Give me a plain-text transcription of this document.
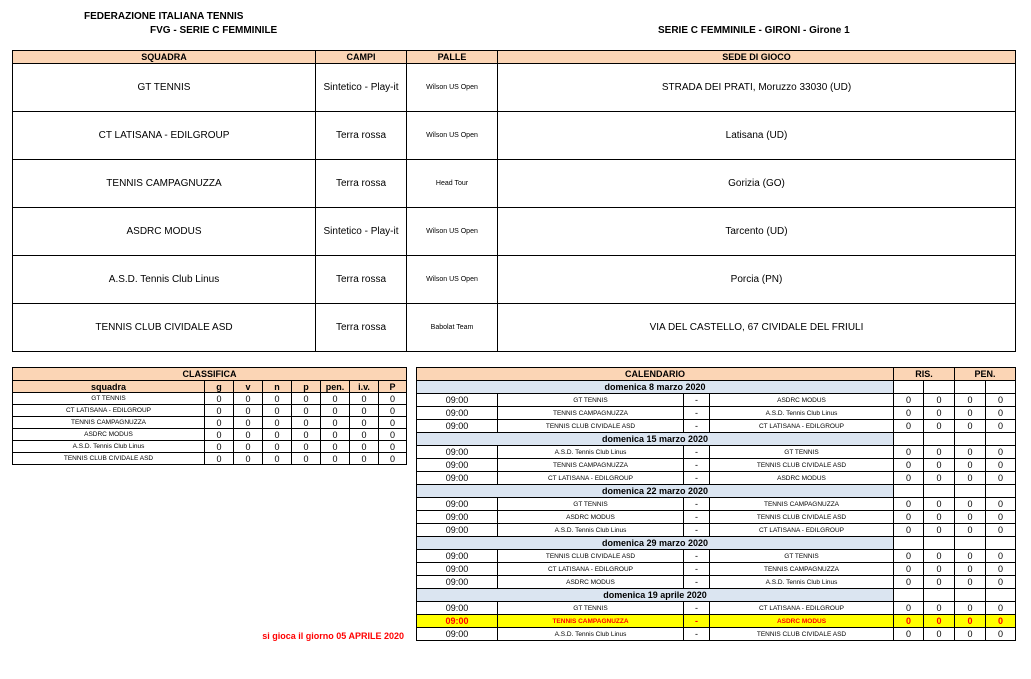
FEDERAZIONE ITALIANA TENNIS
FVG - SERIE C FEMMINILE	SERIE C FEMMINILE - GIRONI - Girone 1
SQUADRA	CAMPI	PALLE	SEDE DI GIOCO
GT TENNIS	Sintetico - Play-it	Wilson US Open	STRADA DEI PRATI, Moruzzo 33030 (UD)
CT LATISANA - EDILGROUP	Terra rossa	Wilson US Open	Latisana (UD)
TENNIS CAMPAGNUZZA	Terra rossa	Head Tour	Gorizia (GO)
ASDRC MODUS	Sintetico - Play-it	Wilson US Open	Tarcento (UD)
A.S.D. Tennis Club Linus	Terra rossa	Wilson US Open	Porcia (PN)
TENNIS CLUB CIVIDALE ASD	Terra rossa	Babolat Team	VIA DEL CASTELLO, 67 CIVIDALE DEL FRIULI
CLASSIFICA							
squadra	g	v	n	p	pen.	i.v.	P
GT TENNIS	0	0	0	0	0	0	0
CT LATISANA - EDILGROUP	0	0	0	0	0	0	0
TENNIS CAMPAGNUZZA	0	0	0	0	0	0	0
ASDRC MODUS	0	0	0	0	0	0	0
A.S.D. Tennis Club Linus	0	0	0	0	0	0	0
TENNIS CLUB CIVIDALE ASD	0	0	0	0	0	0	0
CALENDARIO				RIS.		PEN.	
domenica 8 marzo 2020							
09:00	GT TENNIS	-	ASDRC MODUS	0	0	0	0
09:00	TENNIS CAMPAGNUZZA	-	A.S.D. Tennis Club Linus	0	0	0	0
09:00	TENNIS CLUB CIVIDALE ASD	-	CT LATISANA - EDILGROUP	0	0	0	0
domenica 15 marzo 2020							
09:00	A.S.D. Tennis Club Linus	-	GT TENNIS	0	0	0	0
09:00	TENNIS CAMPAGNUZZA	-	TENNIS CLUB CIVIDALE ASD	0	0	0	0
09:00	CT LATISANA - EDILGROUP	-	ASDRC MODUS	0	0	0	0
domenica 22 marzo 2020							
09:00	GT TENNIS	-	TENNIS CAMPAGNUZZA	0	0	0	0
09:00	ASDRC MODUS	-	TENNIS CLUB CIVIDALE ASD	0	0	0	0
09:00	A.S.D. Tennis Club Linus	-	CT LATISANA - EDILGROUP	0	0	0	0
domenica 29 marzo 2020							
09:00	TENNIS CLUB CIVIDALE ASD	-	GT TENNIS	0	0	0	0
09:00	CT LATISANA - EDILGROUP	-	TENNIS CAMPAGNUZZA	0	0	0	0
09:00	ASDRC MODUS	-	A.S.D. Tennis Club Linus	0	0	0	0
domenica 19 aprile 2020							
09:00	GT TENNIS	-	CT LATISANA - EDILGROUP	0	0	0	0
09:00	TENNIS CAMPAGNUZZA	-	ASDRC MODUS	0	0	0	0
09:00	A.S.D. Tennis Club Linus	-	TENNIS CLUB CIVIDALE ASD	0	0	0	0
si gioca il giorno 05 APRILE 2020
